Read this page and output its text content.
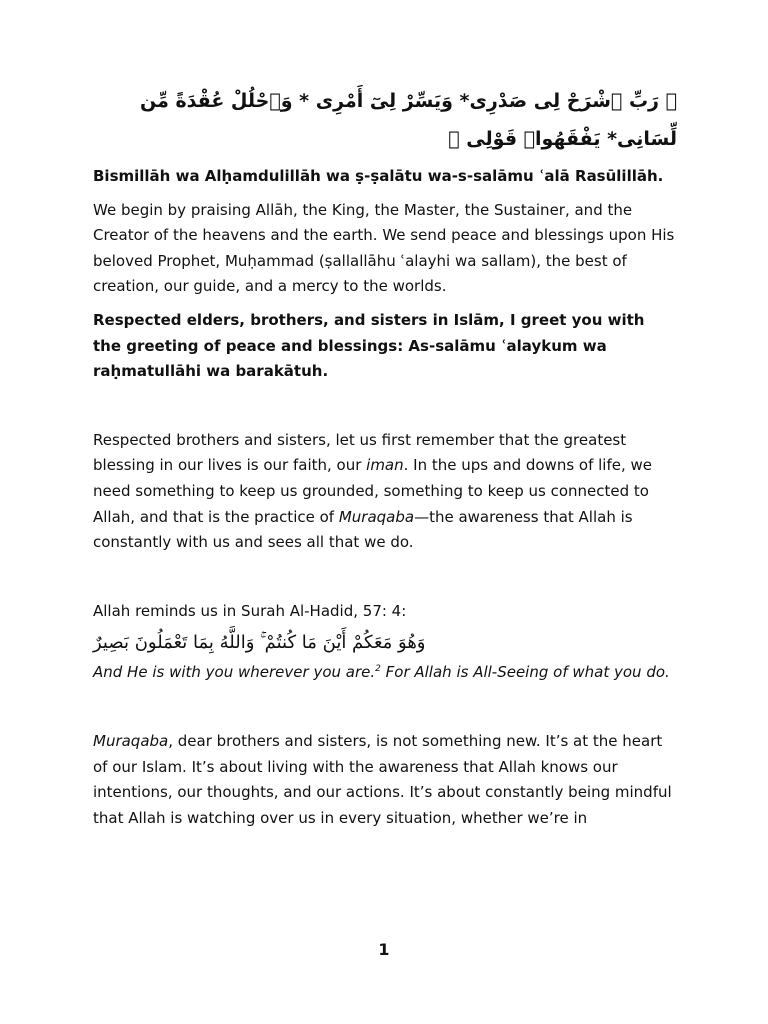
﴿ رَبِّ ٱشْرَحْ لِى صَدْرِى* وَيَسِّرْ لِىٓ أَمْرِى * وَٱحْلُلْ عُقْدَةً مِّن لِّسَانِى* يَفْقَهُوا۟ قَوْلِى ﴾

Bismillāh wa Alḥamdulillāh wa ṣ-ṣalātu wa-s-salāmu ʿalā Rasūlillāh.

We begin by praising Allāh, the King, the Master, the Sustainer, and the Creator of the heavens and the earth. We send peace and blessings upon His beloved Prophet, Muḥammad (ṣallallāhu ʿalayhi wa sallam), the best of creation, our guide, and a mercy to the worlds.

Respected elders, brothers, and sisters in Islām, I greet you with the greeting of peace and blessings: As-salāmu ʿalaykum wa raḥmatullāhi wa barakātuh.

Respected brothers and sisters, let us first remember that the greatest blessing in our lives is our faith, our iman. In the ups and downs of life, we need something to keep us grounded, something to keep us connected to Allah, and that is the practice of Muraqaba—the awareness that Allah is constantly with us and sees all that we do.

Allah reminds us in Surah Al-Hadid, 57: 4:

وَهُوَ مَعَكُمْ أَيْنَ مَا كُنتُمْ ۚ وَاللَّهُ بِمَا تَعْمَلُونَ بَصِيرٌ

And He is with you wherever you are.$^2$ For Allah is All-Seeing of what you do.

Muraqaba, dear brothers and sisters, is not something new. It’s at the heart of our Islam. It’s about living with the awareness that Allah knows our intentions, our thoughts, and our actions. It’s about constantly being mindful that Allah is watching over us in every situation, whether we’re in

1
